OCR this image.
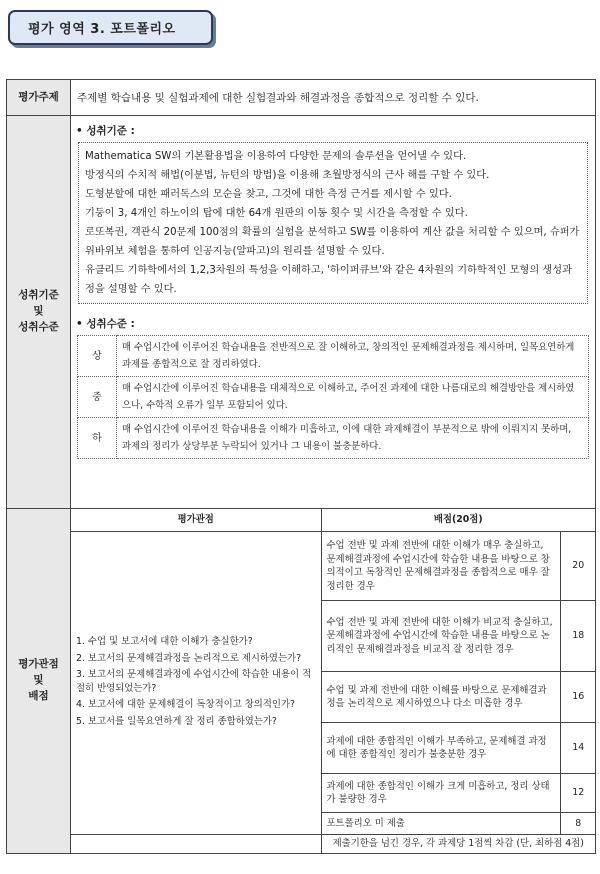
평가 영역 3. 포트폴리오
평가주제	주제별 학습내용 및 실험과제에 대한 실험결과와 해결과정을 종합적으로 정리할 수 있다.

성취기준
및
성취수준

• 성취기준 :
Mathematica SW의 기본활용법을 이용하여 다양한 문제의 솔루션을 얻어낼 수 있다.
방정식의 수치적 해법(이분법, 뉴턴의 방법)을 이용해 초월방정식의 근사 해를 구할 수 있다.
도형분할에 대한 패러독스의 모순을 찾고, 그것에 대한 측정 근거를 제시할 수 있다.
기둥이 3, 4개인 하노이의 탑에 대한 64개 원판의 이동 횟수 및 시간을 측정할 수 있다.
로또복권, 객관식 20문제 100점의 확률의 실험을 분석하고 SW를 이용하여 계산 값을 처리할 수 있으며, 슈퍼가위바위보 체험을 통하여 인공지능(알파고)의 원리를 설명할 수 있다.
유클리드 기하학에서의 1,2,3차원의 특성을 이해하고, '하이퍼큐브'와 같은 4차원의 기하학적인 모형의 생성과정을 설명할 수 있다.
• 성취수준 :
상	매 수업시간에 이루어진 학습내용을 전반적으로 잘 이해하고, 창의적인 문제해결과정을 제시하며, 일목요연하게 과제를 종합적으로 잘 정리하였다.
중	매 수업시간에 이루어진 학습내용을 대체적으로 이해하고, 주어진 과제에 대한 나름대로의 해결방안을 제시하였으나, 수학적 오류가 일부 포함되어 있다.
하	매 수업시간에 이루어진 학습내용을 이해가 미흡하고, 이에 대한 과제해결이 부분적으로 밖에 이뤄지지 못하며, 과제의 정리가 상당부분 누락되어 있거나 그 내용이 불충분하다.

평가관점
및
배점

평가관점	배점(20점)

1. 수업 및 보고서에 대한 이해가 충실한가?
2. 보고서의 문제해결과정을 논리적으로 제시하였는가?
3. 보고서의 문제해결과정에 수업시간에 학습한 내용이 적절히 반영되었는가?
4. 보고서에 대한 문제해결이 독창적이고 창의적인가?
5. 보고서를 일목요연하게 잘 정리 종합하였는가?
	수업 전반 및 과제 전반에 대한 이해가 매우 충실하고, 문제해결과정에 수업시간에 학습한 내용을 바탕으로 창의적이고 독창적인 문제해결과정을 종합적으로 매우 잘 정리한 경우	20
수업 전반 및 과제 전반에 대한 이해가 비교적 충실하고, 문제해결과정에 수업시간에 학습한 내용을 바탕으로 논리적인 문제해결과정을 비교적 잘 정리한 경우	18
수업 및 과제 전반에 대한 이해를 바탕으로 문제해결과정을 논리적으로 제시하였으나 다소 미흡한 경우	16
과제에 대한 종합적인 이해가 부족하고, 문제해결 과정에 대한 종합적인 정리가 불충분한 경우	14
과제에 대한 종합적인 이해가 크게 미흡하고, 정리 상태가 불량한 경우	12
포트폴리오 미 제출	8
	제출기한을 넘긴 경우, 각 과제당 1점씩 차감 (단, 최하점 4점)
